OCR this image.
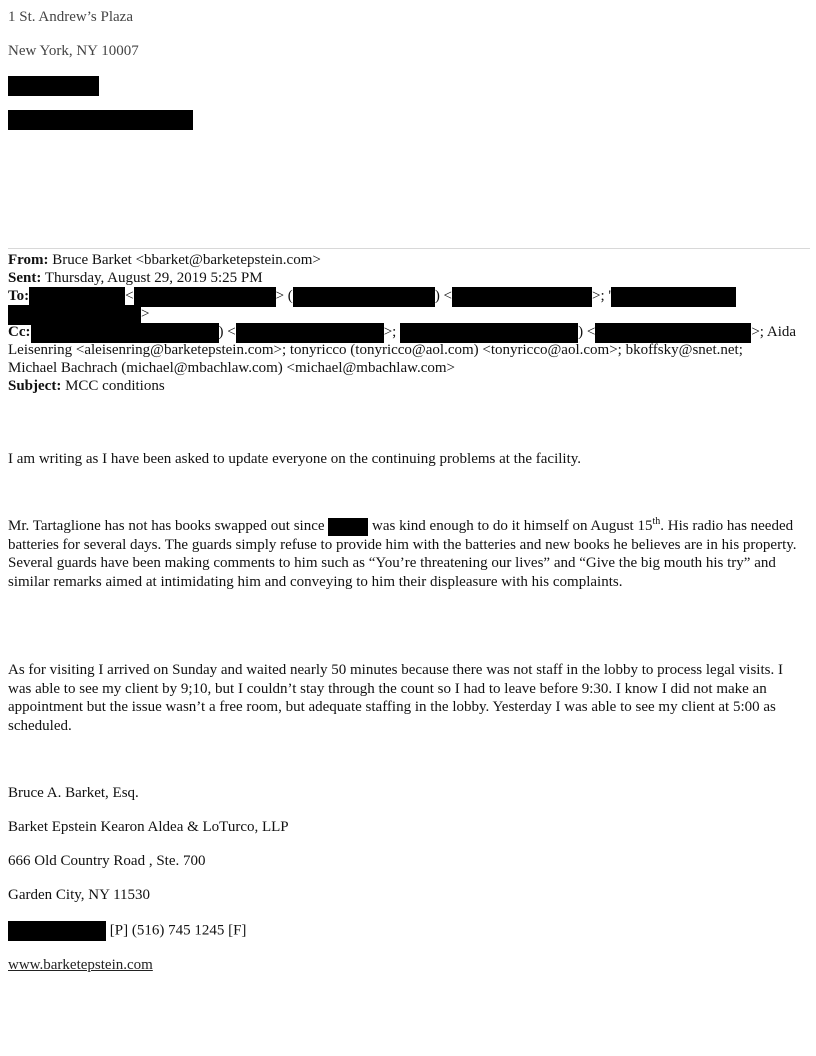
1 St. Andrew’s Plaza
New York, NY 10007
From: Bruce Barket <bbarket@barketepstein.com>
Sent: Thursday, August 29, 2019 5:25 PM
To:	<	> (	) <	>; '
>
Cc:	) <	>;	) <	>; Aida
Leisenring <aleisenring@barketepstein.com>; tonyricco (tonyricco@aol.com) <tonyricco@aol.com>; bkoffsky@snet.net;
Michael Bachrach (michael@mbachlaw.com) <michael@mbachlaw.com>
Subject: MCC conditions

I am writing as I have been asked to update everyone on the continuing problems at the facility.

Mr. Tartaglione has not has books swapped out since	was kind enough to do it himself on August 15th. His radio has needed batteries for several days. The guards simply refuse to provide him with the batteries and new books he believes are in his property. Several guards have been making comments to him such as “You’re threatening our lives” and “Give the big mouth his try” and similar remarks aimed at intimidating him and conveying to him their displeasure with his complaints.

As for visiting I arrived on Sunday and waited nearly 50 minutes because there was not staff in the lobby to process legal visits. I was able to see my client by 9;10, but I couldn’t stay through the count so I had to leave before 9:30. I know I did not make an appointment but the issue wasn’t a free room, but adequate staffing in the lobby. Yesterday I was able to see my client at 5:00 as scheduled.

Bruce A. Barket, Esq.
Barket Epstein Kearon Aldea & LoTurco, LLP
666 Old Country Road , Ste. 700
Garden City, NY 11530
[P] (516) 745 1245 [F]
www.barketepstein.com
